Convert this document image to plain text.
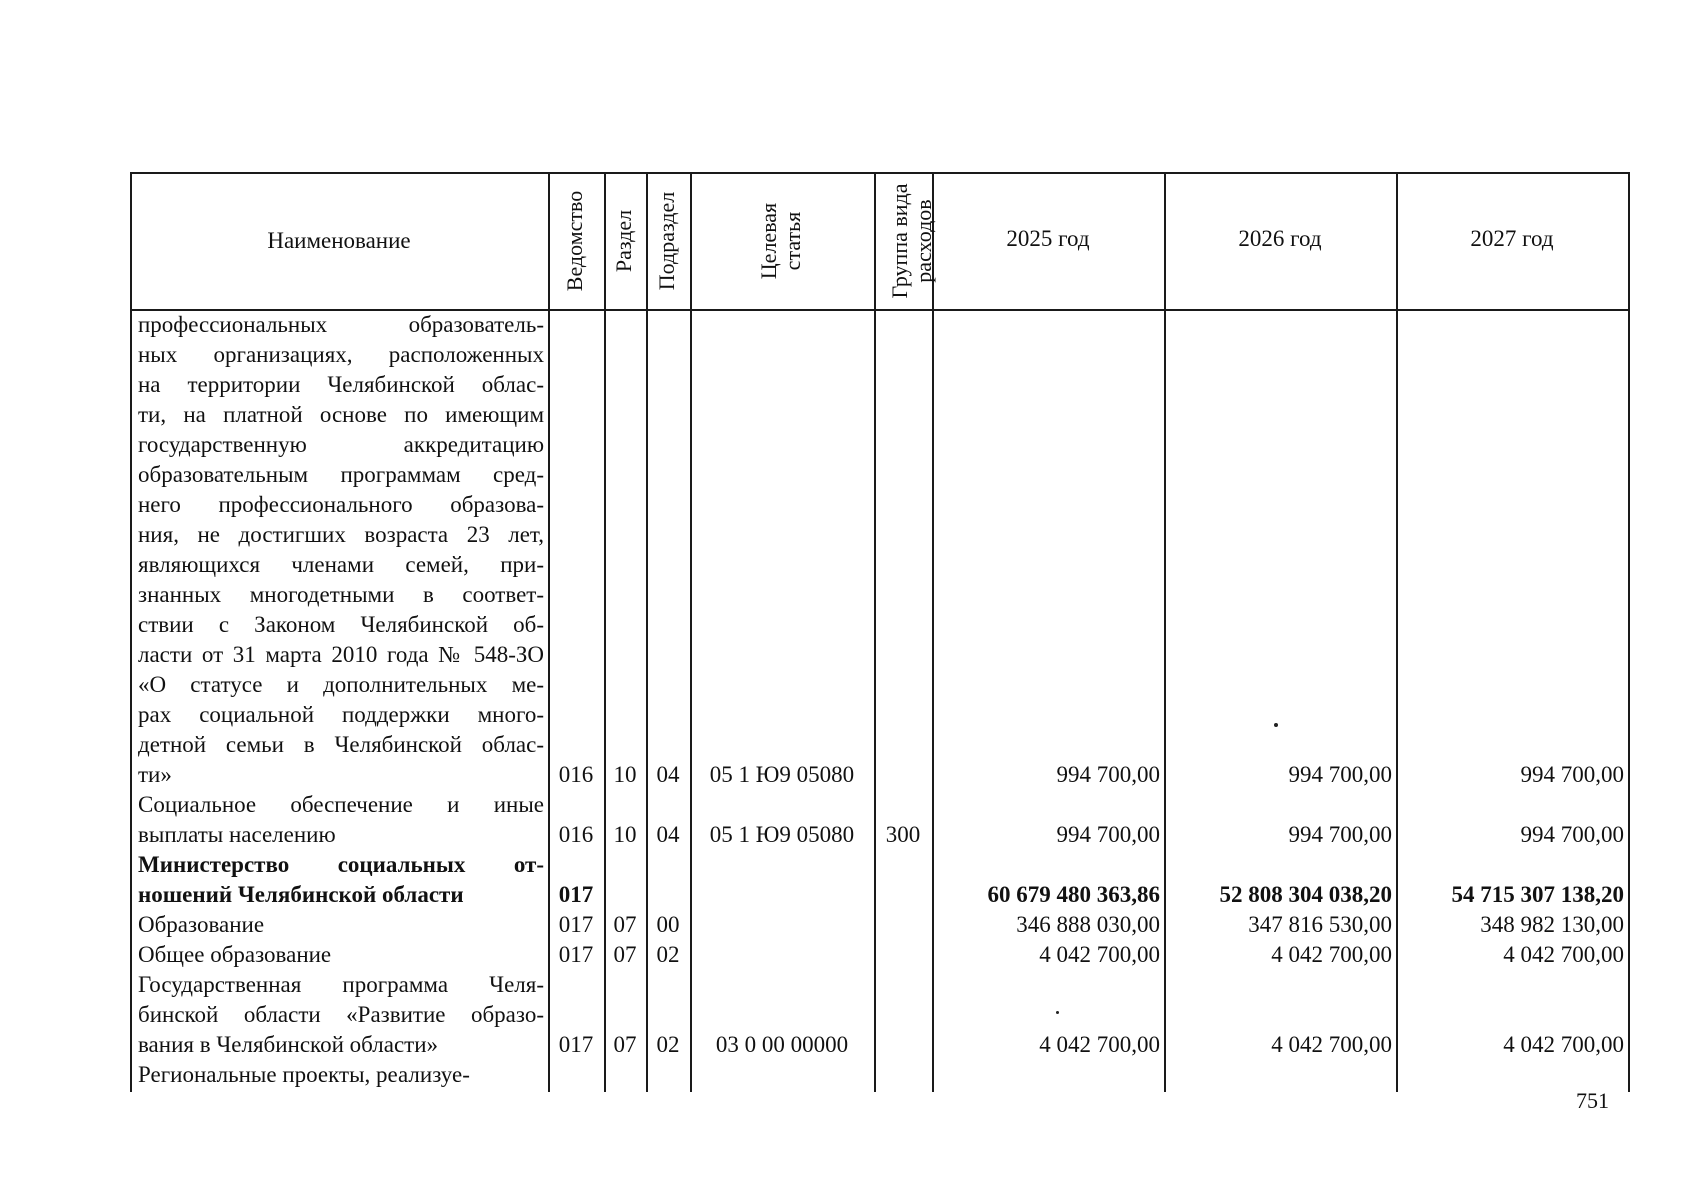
Наименование	Ведомство Раздел Подраздел	Целевая статья	Группа вида расходов	2025 год	2026 год	2027 год
профессиональных образователь-
ных организациях, расположенных
на территории Челябинской облас-
ти, на платной основе по имеющим
государственную аккредитацию
образовательным программам сред-
него профессионального образова-
ния, не достигших возраста 23 лет,
являющихся членами семей, при-
знанных многодетными в соответ-
ствии с Законом Челябинской об-
ласти от 31 марта 2010 года № 548-ЗО
«О статусе и дополнительных ме-
рах социальной поддержки много-
детной семьи в Челябинской облас-
ти»	016 10 04	05 1 Ю9 05080	994 700,00	994 700,00	994 700,00
Социальное обеспечение и иные
выплаты населению	016 10 04	05 1 Ю9 05080	300	994 700,00	994 700,00	994 700,00
Министерство социальных от-
ношений Челябинской области	017	60 679 480 363,86	52 808 304 038,20	54 715 307 138,20
Образование	017 07 00	346 888 030,00	347 816 530,00	348 982 130,00
Общее образование	017 07 02	4 042 700,00	4 042 700,00	4 042 700,00
Государственная программа Челя-
бинской области «Развитие образо-
вания в Челябинской области»	017 07 02	03 0 00 00000	4 042 700,00	4 042 700,00	4 042 700,00
Региональные проекты, реализуе-
751
